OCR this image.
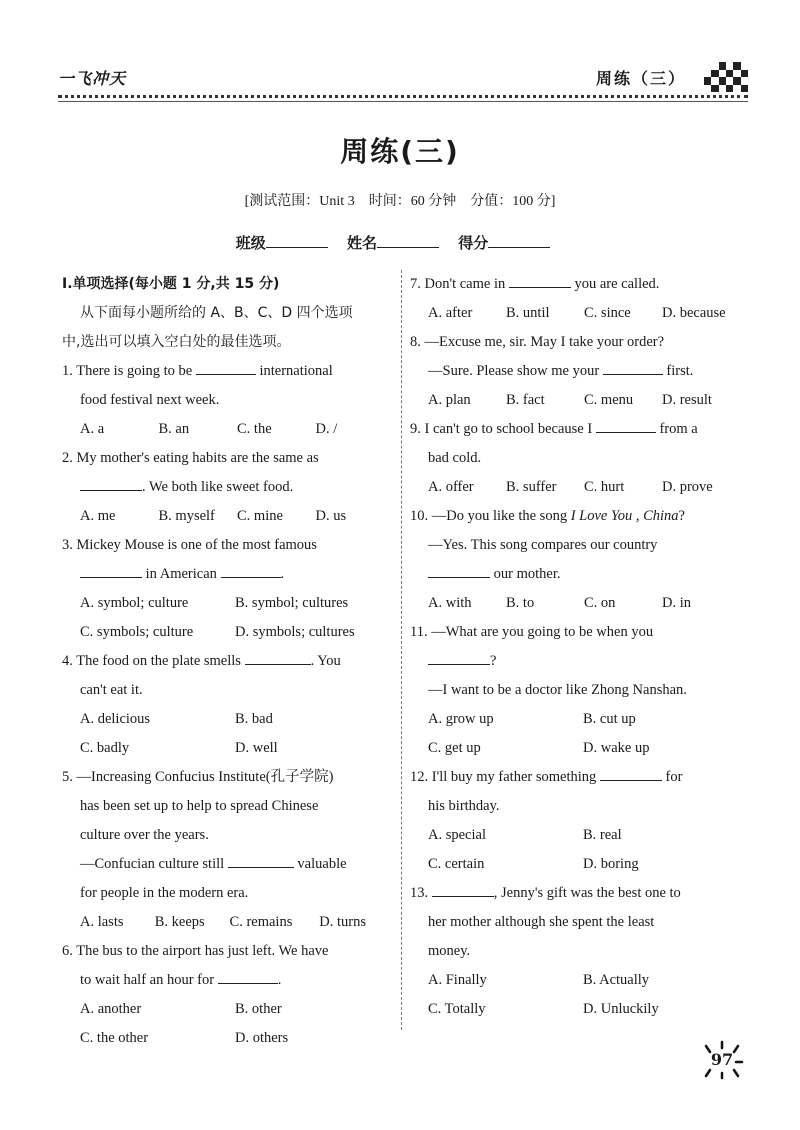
一飞冲天	周练（三）
周练(三)
[测试范围：Unit 3　时间：60 分钟　分值：100 分]
班级	姓名	得分
Ⅰ.单项选择(每小题 1 分,共 15 分)
从下面每小题所给的 A、B、C、D 四个选项
中,选出可以填入空白处的最佳选项。
1. There is going to be	international
food festival next week.
A. a	B. an	C. the	D. /
2. My mother's eating habits are the same as
. We both like sweet food.
A. me	B. myself	C. mine	D. us
3. Mickey Mouse is one of the most famous
in American	.
A. symbol; culture	B. symbol; cultures
C. symbols; culture	D. symbols; cultures
4. The food on the plate smells	. You
can't eat it.
A. delicious	B. bad
C. badly	D. well
5. —Increasing Confucius Institute(孔子学院)
has been set up to help to spread Chinese
culture over the years.
—Confucian culture still	valuable
for people in the modern era.
A. lasts	B. keeps	C. remains	D. turns
6. The bus to the airport has just left. We have
to wait half an hour for	.
A. another	B. other
C. the other	D. others
7. Don't came in	you are called.
A. after	B. until	C. since	D. because
8. —Excuse me, sir. May I take your order?
—Sure. Please show me your	first.
A. plan	B. fact	C. menu	D. result
9. I can't go to school because I	from a
bad cold.
A. offer	B. suffer	C. hurt	D. prove
10. —Do you like the song I Love You , China?
—Yes. This song compares our country
our mother.
A. with	B. to	C. on	D. in
11. —What are you going to be when you
?
—I want to be a doctor like Zhong Nanshan.
A. grow up	B. cut up
C. get up	D. wake up
12. I'll buy my father something	for
his birthday.
A. special	B. real
C. certain	D. boring
13.	, Jenny's gift was the best one to
her mother although she spent the least
money.
A. Finally	B. Actually
C. Totally	D. Unluckily
97
